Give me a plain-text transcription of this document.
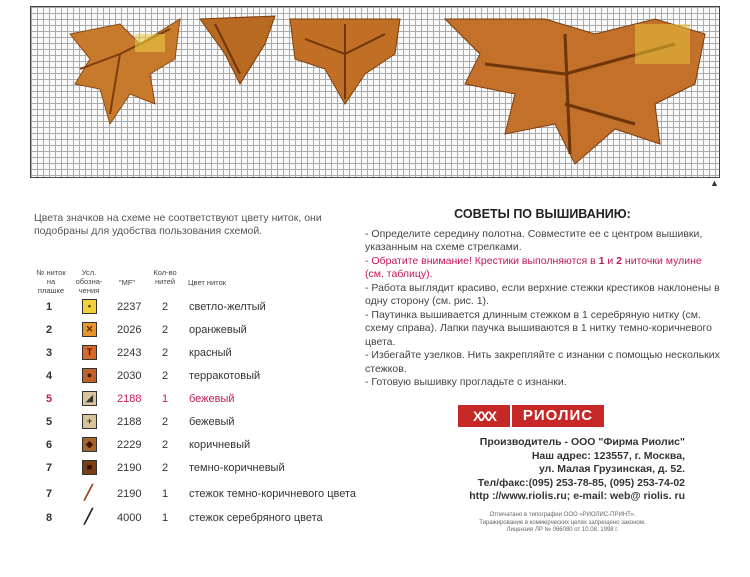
▲
Цвета значков на схеме не соответствуют цвету ниток, они подобраны для удобства пользования схемой.
№ ниток на плашке
Усл. обозна- чения
"MF"
Кол-во нитей	Цвет ниток
1	•	2237 2 светло-желтый
2	✕	2026 2 оранжевый
3	T	2243 2 красный
4	●	2030 2 терракотовый
5	◢	2188 1 бежевый
5	+	2188 2 бежевый
6	◆	2229 2 коричневый
7	■	2190 2 темно-коричневый
7 ╱ 2190 1 стежок темно-коричневого цвета
8 ╱ 4000 1 стежок серебряного цвета
СОВЕТЫ ПО ВЫШИВАНИЮ:

- Определите середину полотна. Совместите ее с центром вышивки, указанным на схеме стрелками.

- Обратите внимание! Крестики выполняются в 1 и 2 ниточки мулине (см. таблицу).

- Работа выглядит красиво, если верхние стежки крестиков наклонены в одну сторону (см. рис. 1).

- Паутинка вышивается длинным стежком в 1 серебряную нитку (см. схему справа). Лапки паучка вышиваются в 1 нитку темно-коричневого цвета.

- Избегайте узелков. Нить закрепляйте с изнанки с помощью нескольких стежков.

- Готовую вышивку прогладьте с изнанки.

XXX	РИОЛИС
Производитель - ООО "Фирма Риолис"
Наш адрес: 123557, г. Москва,
ул. Малая Грузинская, д. 52.
Тел/факс:(095) 253-78-85, (095) 253-74-02
http ://www.riolis.ru; e-mail: web@ riolis. ru
Отпечатано в типографии ООО «РИОЛИС-ПРИНТ».
Тиражирование в коммерческих целях запрещено законом.
Лицензия ЛР № 066080 от 10.08. 1998 г.
